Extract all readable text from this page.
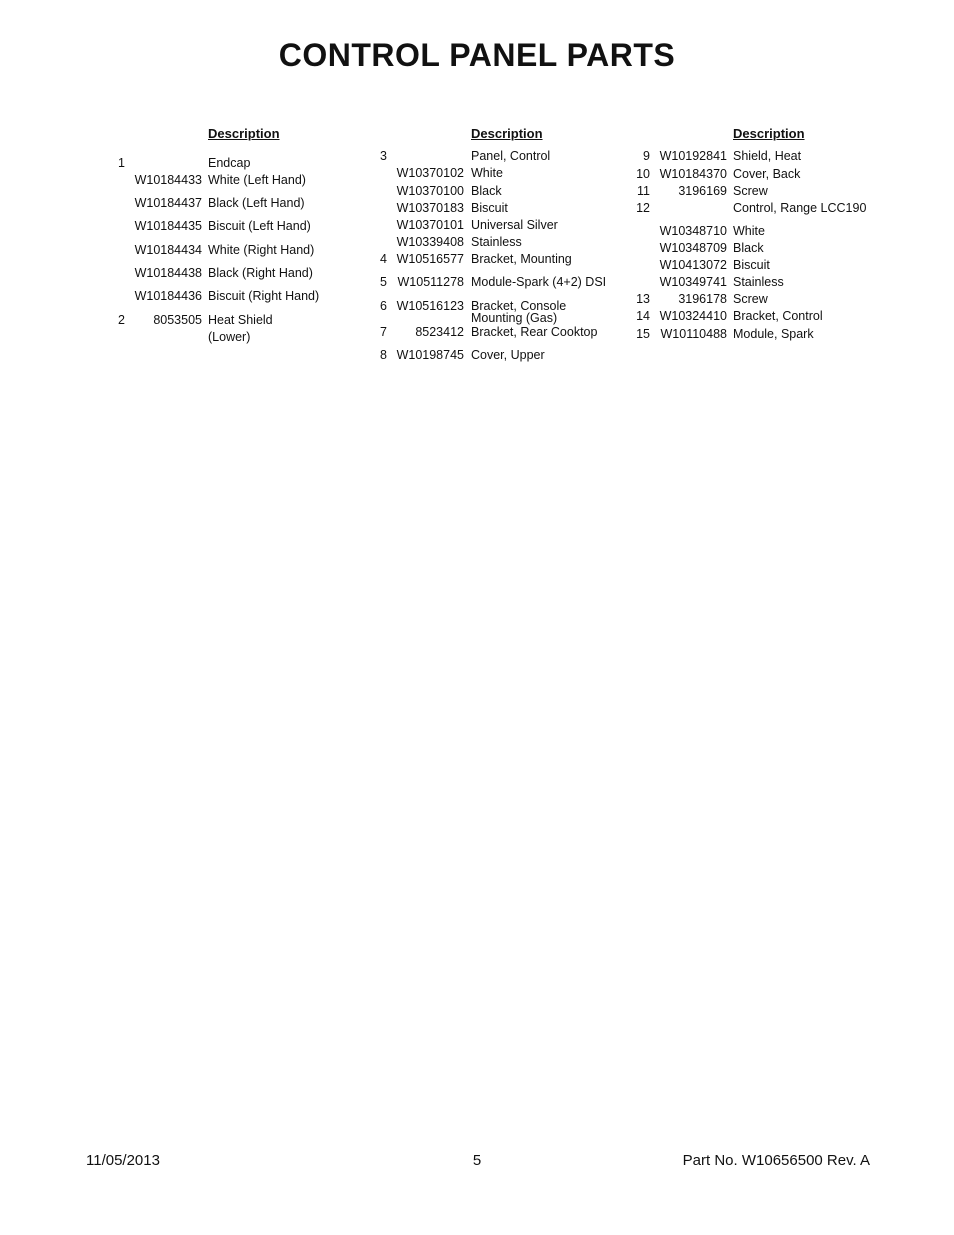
CONTROL PANEL PARTS
Description
1	Endcap
W10184433 White (Left Hand)
W10184437 Black (Left Hand)
W10184435 Biscuit (Left Hand)
W10184434 White (Right Hand)
W10184438 Black (Right Hand)
W10184436 Biscuit (Right Hand)
2 8053505 Heat Shield
(Lower)
Description
3	Panel, Control
W10370102 White
W10370100 Black
W10370183 Biscuit
W10370101 Universal Silver
W10339408 Stainless
4 W10516577 Bracket, Mounting
5 W10511278 Module-Spark (4+2) DSI
6 W10516123 Bracket, Console
Mounting (Gas)
7 8523412 Bracket, Rear Cooktop
8 W10198745 Cover, Upper
Description
9 W10192841 Shield, Heat
10 W10184370 Cover, Back
11 3196169 Screw
12	Control, Range LCC190
W10348710 White
W10348709 Black
W10413072 Biscuit
W10349741 Stainless
13 3196178 Screw
14 W10324410 Bracket, Control
15 W10110488 Module, Spark
11/05/2013	5	Part No. W10656500 Rev. A
